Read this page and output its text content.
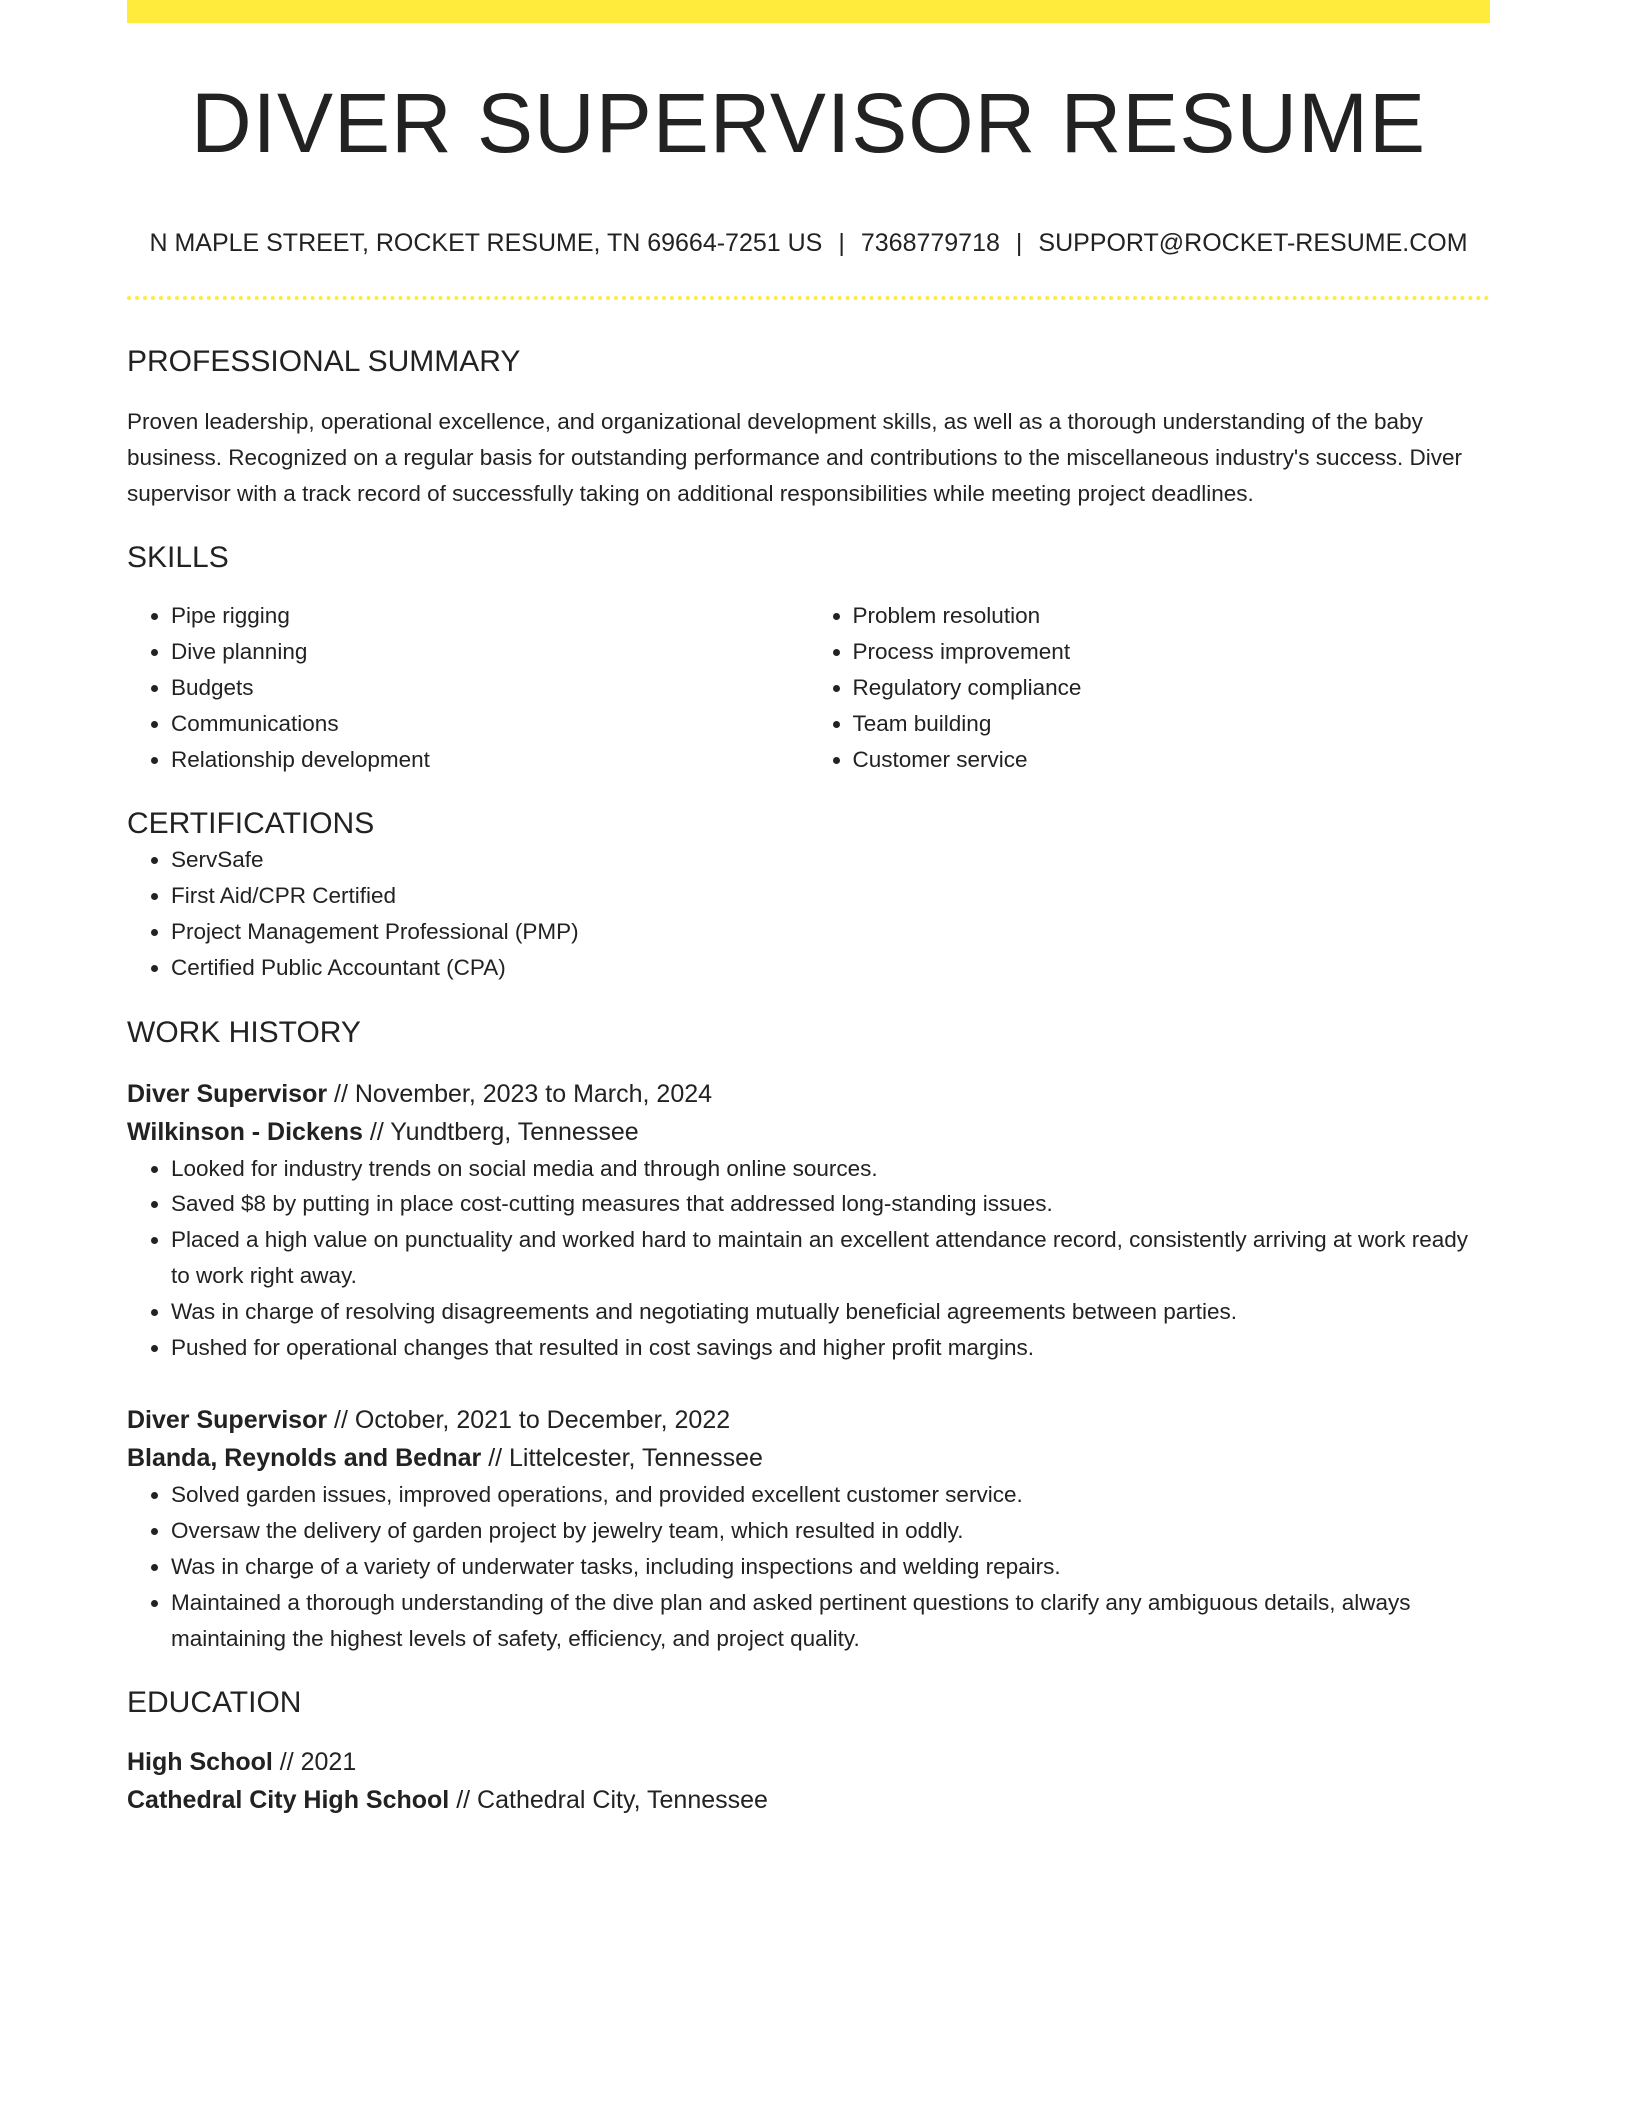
DIVER SUPERVISOR RESUME
N MAPLE STREET, ROCKET RESUME, TN 69664-7251 US | 7368779718 | SUPPORT@ROCKET-RESUME.COM
PROFESSIONAL SUMMARY

Proven leadership, operational excellence, and organizational development skills, as well as a thorough understanding of the baby business. Recognized on a regular basis for outstanding performance and contributions to the miscellaneous industry's success. Diver supervisor with a track record of successfully taking on additional responsibilities while meeting project deadlines.

SKILLS
• Pipe rigging
• Dive planning
• Budgets
• Communications
• Relationship development
• Problem resolution
• Process improvement
• Regulatory compliance
• Team building
• Customer service
CERTIFICATIONS
• ServSafe
• First Aid/CPR Certified
• Project Management Professional (PMP)
• Certified Public Accountant (CPA)
WORK HISTORY
Diver Supervisor // November, 2023 to March, 2024
Wilkinson - Dickens // Yundtberg, Tennessee
• Looked for industry trends on social media and through online sources.
• Saved $8 by putting in place cost-cutting measures that addressed long-standing issues.
• Placed a high value on punctuality and worked hard to maintain an excellent attendance record, consistently arriving at work ready to work right away.
• Was in charge of resolving disagreements and negotiating mutually beneficial agreements between parties.
• Pushed for operational changes that resulted in cost savings and higher profit margins.
Diver Supervisor // October, 2021 to December, 2022
Blanda, Reynolds and Bednar // Littelcester, Tennessee
• Solved garden issues, improved operations, and provided excellent customer service.
• Oversaw the delivery of garden project by jewelry team, which resulted in oddly.
• Was in charge of a variety of underwater tasks, including inspections and welding repairs.
• Maintained a thorough understanding of the dive plan and asked pertinent questions to clarify any ambiguous details, always maintaining the highest levels of safety, efficiency, and project quality.
EDUCATION
High School // 2021
Cathedral City High School // Cathedral City, Tennessee
